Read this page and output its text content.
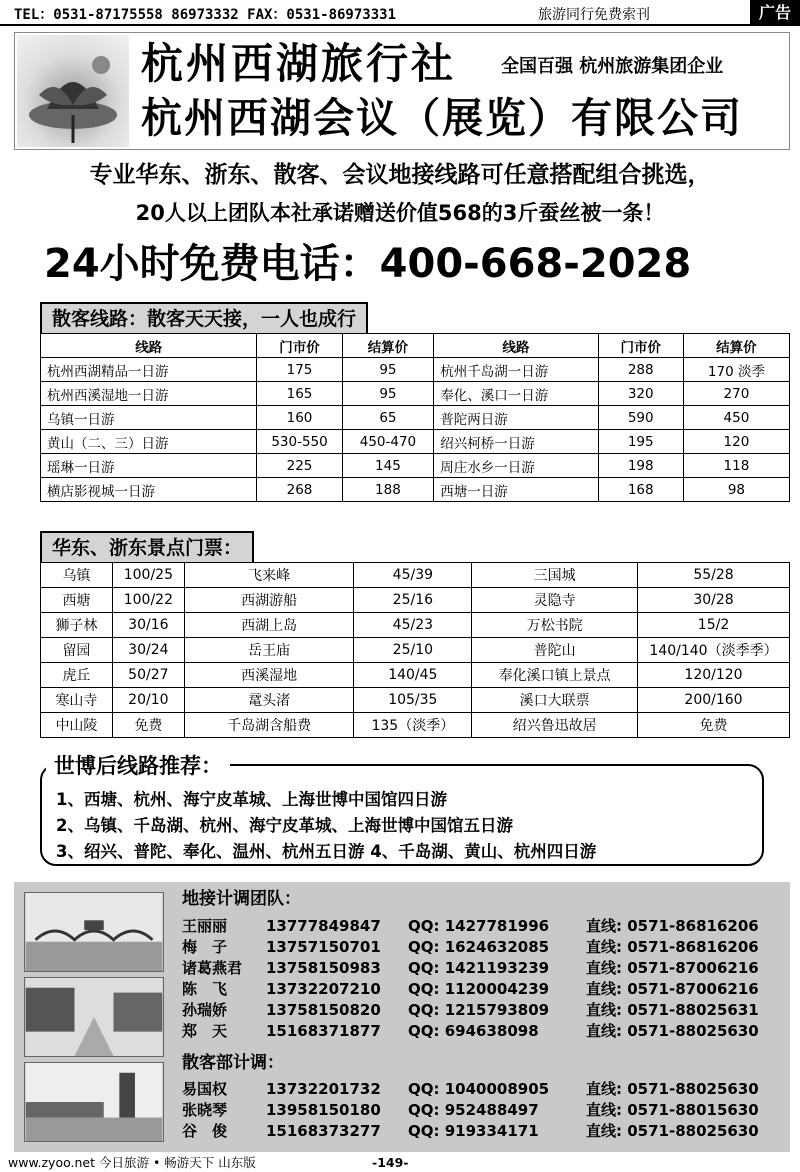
TEL：0531-87175558 86973332 FAX：0531-86973331	旅游同行免费索刊	广告
杭州西湖旅行社 全国百强 杭州旅游集团企业
杭州西湖会议（展览）有限公司
专业华东、浙东、散客、会议地接线路可任意搭配组合挑选，
20人以上团队本社承诺赠送价值568的3斤蚕丝被一条！
24小时免费电话：400-668-2028
散客线路：散客天天接，一人也成行
线路	门市价	结算价	线路	门市价	结算价
杭州西湖精品一日游	175	95	杭州千岛湖一日游	288	170 淡季
杭州西溪湿地一日游	165	95	奉化、溪口一日游	320	270
乌镇一日游	160	65	普陀两日游	590	450
黄山（二、三）日游	530-550	450-470	绍兴柯桥一日游	195	120
瑶琳一日游	225	145	周庄水乡一日游	198	118
横店影视城一日游	268	188	西塘一日游	168	98
华东、浙东景点门票：
乌镇	100/25	飞来峰	45/39	三国城	55/28
西塘	100/22	西湖游船	25/16	灵隐寺	30/28
狮子林	30/16	西湖上岛	45/23	万松书院	15/2
留园	30/24	岳王庙	25/10	普陀山	140/140（淡季季）
虎丘	50/27	西溪湿地	140/45	奉化溪口镇上景点	120/120
寒山寺	20/10	鼋头渚	105/35	溪口大联票	200/160
中山陵	免费	千岛湖含船费	135（淡季）	绍兴鲁迅故居	免费
世博后线路推荐：
1、西塘、杭州、海宁皮革城、上海世博中国馆四日游
2、乌镇、千岛湖、杭州、海宁皮革城、上海世博中国馆五日游
3、绍兴、普陀、奉化、温州、杭州五日游 4、千岛湖、黄山、杭州四日游
地接计调团队：
王丽丽	13777849847 QQ: 1427781996 直线: 0571-86816206
梅　子	13757150701 QQ: 1624632085 直线: 0571-86816206
诸葛燕君	13758150983 QQ: 1421193239 直线: 0571-87006216
陈　飞	13732207210 QQ: 1120004239 直线: 0571-87006216
孙瑞娇	13758150820 QQ: 1215793809 直线: 0571-88025631
郑　天	15168371877 QQ: 694638098	直线: 0571-88025630
散客部计调：
易国权	13732201732 QQ: 1040008905 直线: 0571-88025630
张晓琴	13958150180 QQ: 952488497	直线: 0571-88015630
谷　俊	15168373277 QQ: 919334171	直线: 0571-88025630
www.zyoo.net 今日旅游 • 畅游天下 山东版	-149-
